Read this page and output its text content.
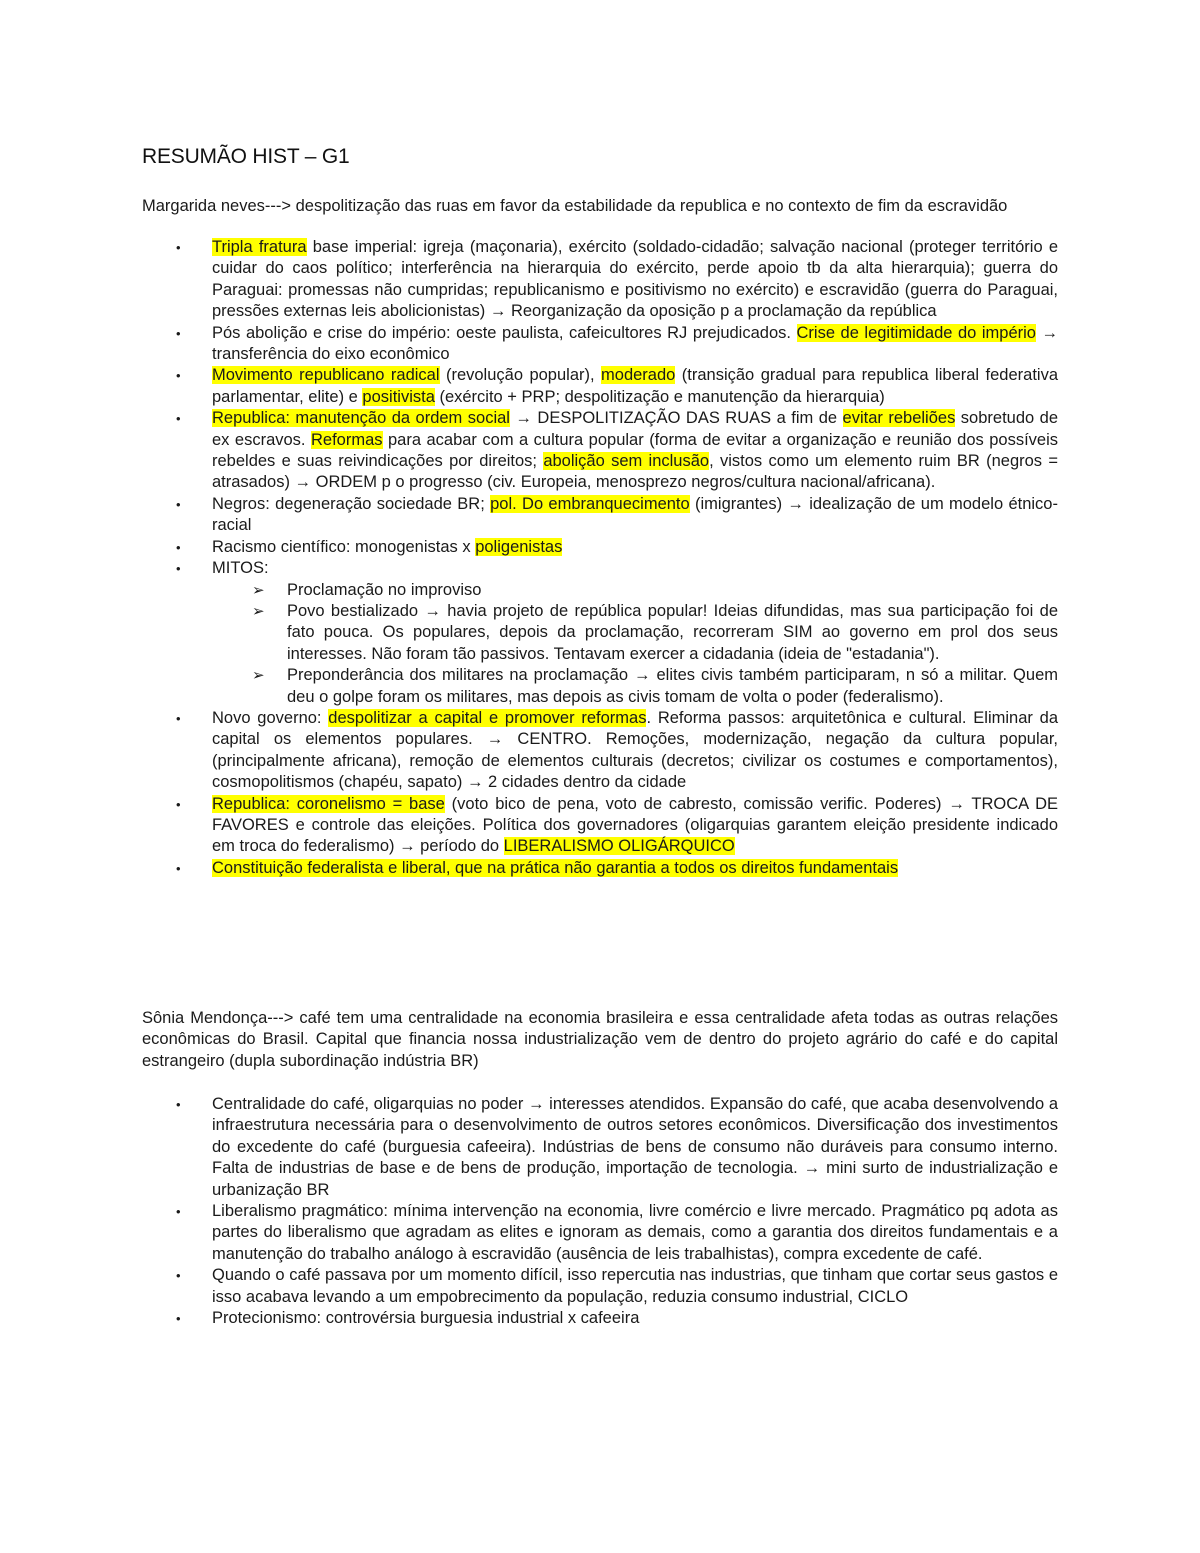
RESUMÃO HIST – G1

Margarida neves---> despolitização das ruas em favor da estabilidade da republica e no contexto de fim da escravidão

• Tripla fratura base imperial: igreja (maçonaria), exército (soldado-cidadão; salvação nacional (proteger território e cuidar do caos político; interferência na hierarquia do exército, perde apoio tb da alta hierarquia); guerra do Paraguai: promessas não cumpridas; republicanismo e positivismo no exército) e escravidão (guerra do Paraguai, pressões externas leis abolicionistas) → Reorganização da oposição p a proclamação da república
• Pós abolição e crise do império: oeste paulista, cafeicultores RJ prejudicados. Crise de legitimidade do império → transferência do eixo econômico
• Movimento republicano radical (revolução popular), moderado (transição gradual para republica liberal federativa parlamentar, elite) e positivista (exército + PRP; despolitização e manutenção da hierarquia)
• Republica: manutenção da ordem social → DESPOLITIZAÇÃO DAS RUAS a fim de evitar rebeliões sobretudo de ex escravos. Reformas para acabar com a cultura popular (forma de evitar a organização e reunião dos possíveis rebeldes e suas reivindicações por direitos; abolição sem inclusão, vistos como um elemento ruim BR (negros = atrasados) → ORDEM p o progresso (civ. Europeia, menosprezo negros/cultura nacional/africana).
• Negros: degeneração sociedade BR; pol. Do embranquecimento (imigrantes) → idealização de um modelo étnico-racial
• Racismo científico: monogenistas x poligenistas
• MITOS:
➢ Proclamação no improviso
➢ Povo bestializado → havia projeto de república popular! Ideias difundidas, mas sua participação foi de fato pouca. Os populares, depois da proclamação, recorreram SIM ao governo em prol dos seus interesses. Não foram tão passivos. Tentavam exercer a cidadania (ideia de "estadania").
➢ Preponderância dos militares na proclamação → elites civis também participaram, n só a militar. Quem deu o golpe foram os militares, mas depois as civis tomam de volta o poder (federalismo).
• Novo governo: despolitizar a capital e promover reformas. Reforma passos: arquitetônica e cultural. Eliminar da capital os elementos populares. → CENTRO. Remoções, modernização, negação da cultura popular, (principalmente africana), remoção de elementos culturais (decretos; civilizar os costumes e comportamentos), cosmopolitismos (chapéu, sapato) → 2 cidades dentro da cidade
• Republica: coronelismo = base (voto bico de pena, voto de cabresto, comissão verific. Poderes) → TROCA DE FAVORES e controle das eleições. Política dos governadores (oligarquias garantem eleição presidente indicado em troca do federalismo) → período do LIBERALISMO OLIGÁRQUICO
• Constituição federalista e liberal, que na prática não garantia a todos os direitos fundamentais

Sônia Mendonça---> café tem uma centralidade na economia brasileira e essa centralidade afeta todas as outras relações econômicas do Brasil. Capital que financia nossa industrialização vem de dentro do projeto agrário do café e do capital estrangeiro (dupla subordinação indústria BR)

• Centralidade do café, oligarquias no poder → interesses atendidos. Expansão do café, que acaba desenvolvendo a infraestrutura necessária para o desenvolvimento de outros setores econômicos. Diversificação dos investimentos do excedente do café (burguesia cafeeira). Indústrias de bens de consumo não duráveis para consumo interno. Falta de industrias de base e de bens de produção, importação de tecnologia. → mini surto de industrialização e urbanização BR
• Liberalismo pragmático: mínima intervenção na economia, livre comércio e livre mercado. Pragmático pq adota as partes do liberalismo que agradam as elites e ignoram as demais, como a garantia dos direitos fundamentais e a manutenção do trabalho análogo à escravidão (ausência de leis trabalhistas), compra excedente de café.
• Quando o café passava por um momento difícil, isso repercutia nas industrias, que tinham que cortar seus gastos e isso acabava levando a um empobrecimento da população, reduzia consumo industrial, CICLO
• Protecionismo: controvérsia burguesia industrial x cafeeira
